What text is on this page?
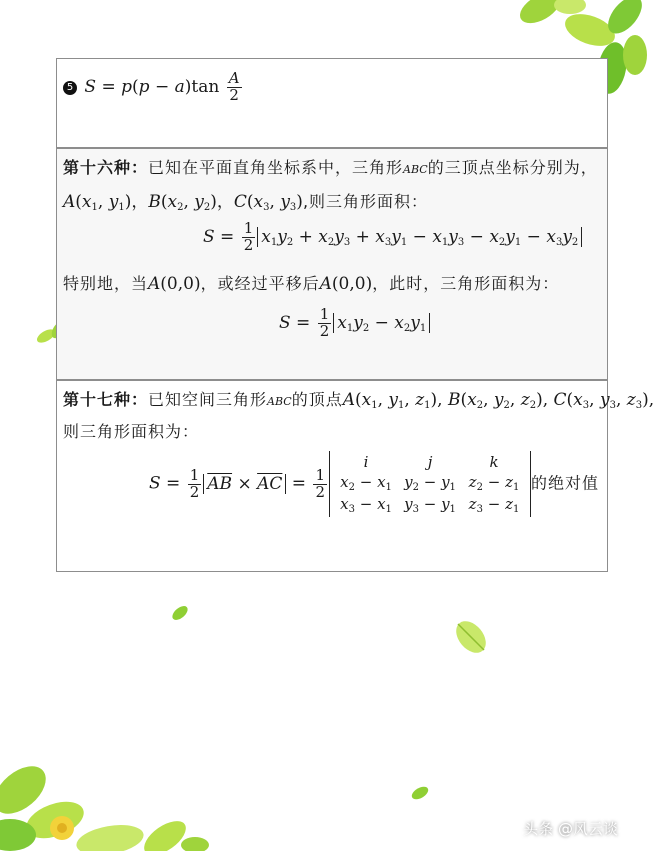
5 $S = p(p - a)\tan \frac{A}{2}$
第十六种：已知在平面直角坐标系中，三角形ABC的三顶点坐标分别为，
$A(x_1$, $y_1$)，$B(x_2$, $y_2$)，$C(x_3$, $y_3$),则三角形面积：
$S = \frac{1}{2} x_1y_2 + x_2y_3 + x_3y_1 - x_1y_3 - x_2y_1 - x_3y_2$
特别地，当A(0,0)，或经过平移后A(0,0)，此时，三角形面积为：
$S = \frac{1}{2} x_1y_2 - x_2y_1$
第十七种：已知空间三角形ABC的顶点$A(x_1$, $y_1$, $z_1$), $B(x_2$, $y_2$, $z_2$), $C(x_3$, $y_3$, $z_3$),
则三角形面积为：
$S = \frac{1}{2} \overline{AB} \times \overline{AC} = \frac{1}{2}$
i	j	k
$x_2 - x_1$ $y_2 - y_1$ $z_2 - z_1$
$x_3 - x_1$ $y_3 - y_1$ $z_3 - z_1$
的绝对值
头条 @风云谈
